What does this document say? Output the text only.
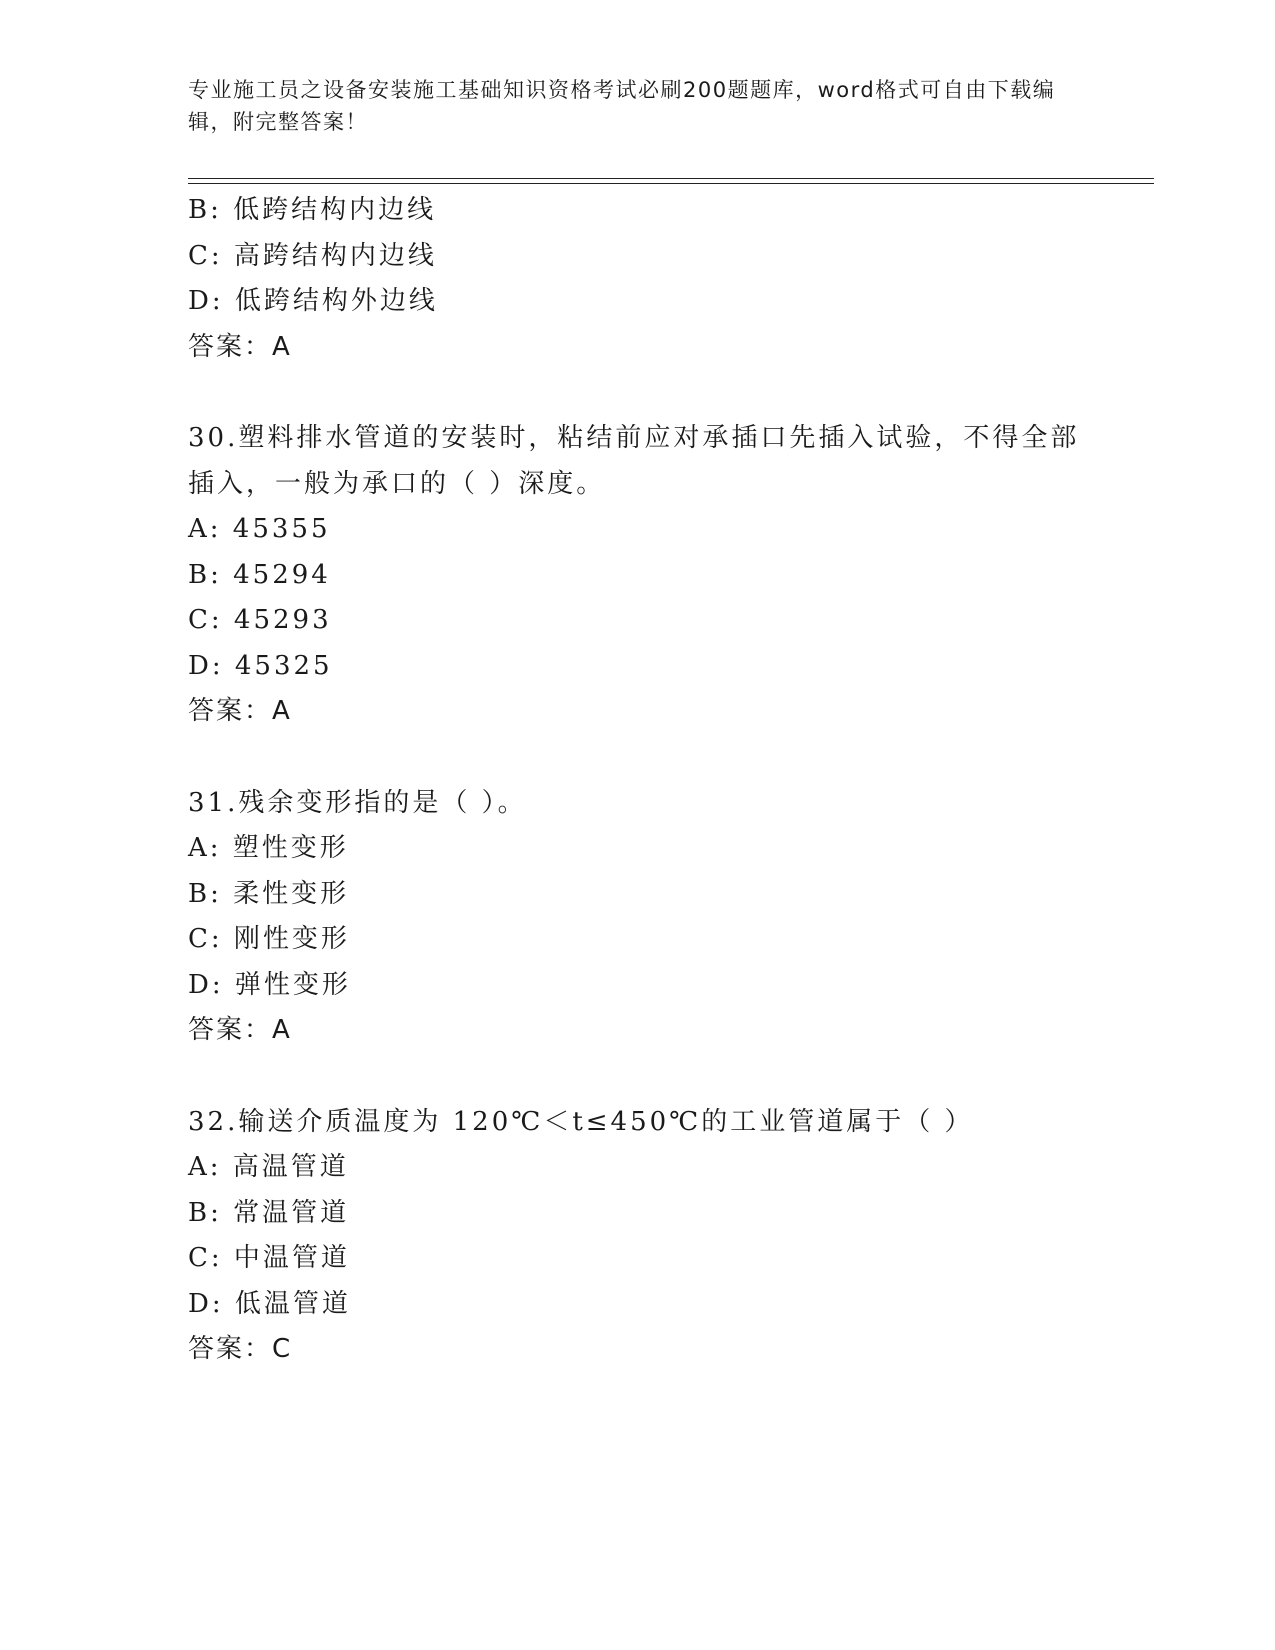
专业施工员之设备安装施工基础知识资格考试必刷200题题库，word格式可自由下载编辑，附完整答案！
B: 低跨结构内边线
C: 高跨结构内边线
D: 低跨结构外边线
答案：A
30.塑料排水管道的安装时，粘结前应对承插口先插入试验，不得全部
插入，一般为承口的（ ）深度。
A: 45355
B: 45294
C: 45293
D: 45325
答案：A
31.残余变形指的是（ ）。
A: 塑性变形
B: 柔性变形
C: 刚性变形
D: 弹性变形
答案：A
32.输送介质温度为 120℃＜t≤450℃的工业管道属于（ ）
A: 高温管道
B: 常温管道
C: 中温管道
D: 低温管道
答案：C
